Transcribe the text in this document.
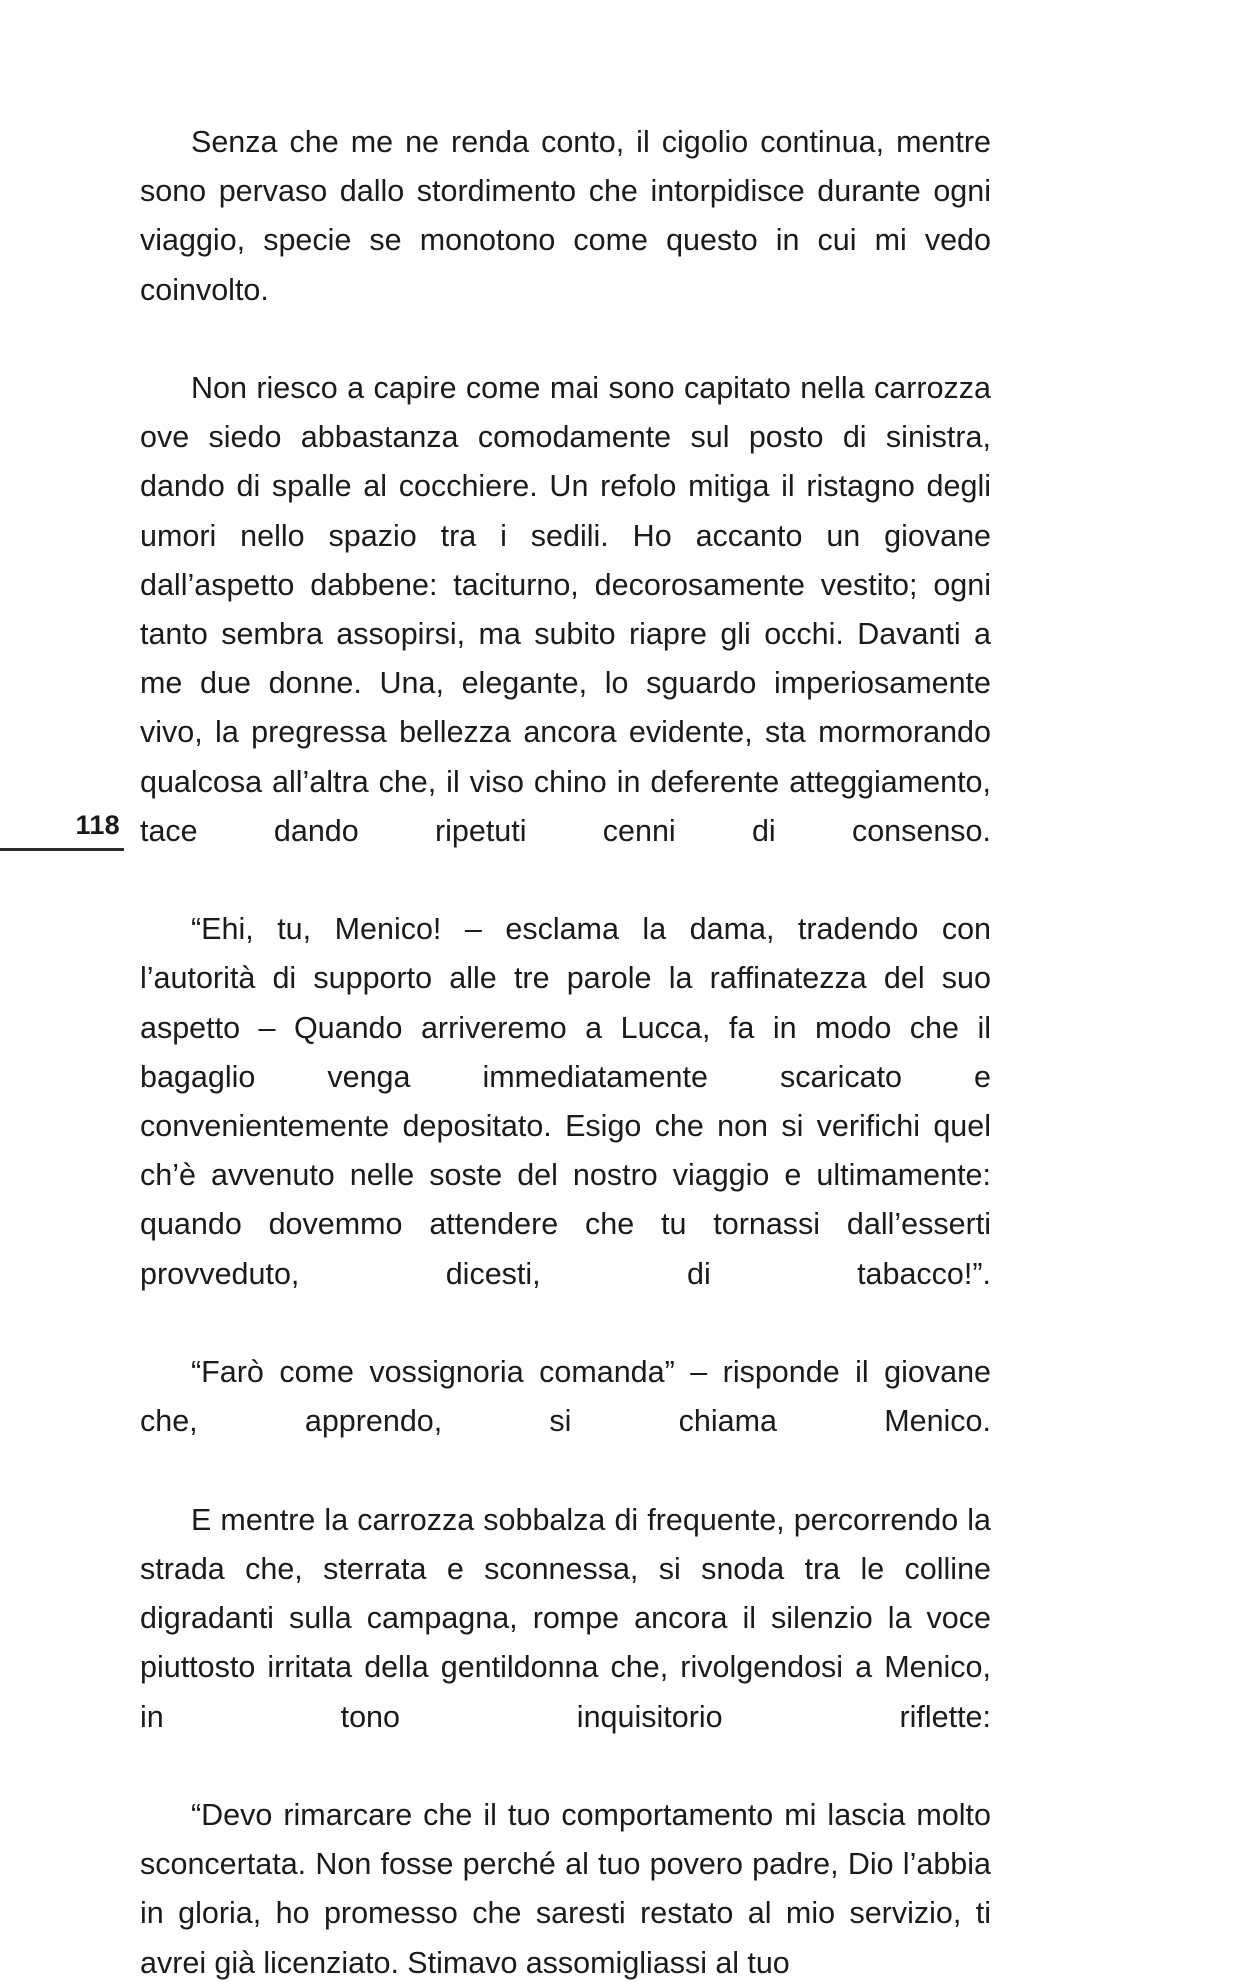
118

Senza che me ne renda conto, il cigolio continua, mentre sono pervaso dallo stordimento che intorpidisce durante ogni viaggio, specie se monotono come questo in cui mi vedo coinvolto.

Non riesco a capire come mai sono capitato nella carrozza ove siedo abbastanza comodamente sul posto di sinistra, dando di spalle al cocchiere. Un refolo mitiga il ristagno degli umori nello spazio tra i sedili. Ho accanto un giovane dall’aspetto dabbene: taciturno, decorosamente vestito; ogni tanto sembra assopirsi, ma subito riapre gli occhi. Davanti a me due donne. Una, elegante, lo sguardo imperiosamente vivo, la pregressa bellezza ancora evidente, sta mormorando qualcosa all’altra che, il viso chino in deferente atteggiamento, tace dando ripetuti cenni di consenso.

“Ehi, tu, Menico! – esclama la dama, tradendo con l’autorità di supporto alle tre parole la raffinatezza del suo aspetto – Quando arriveremo a Lucca, fa in modo che il bagaglio venga immediatamente scaricato e convenientemente depositato. Esigo che non si verifichi quel ch’è avvenuto nelle soste del nostro viaggio e ultimamente: quando dovemmo attendere che tu tornassi dall’esserti provveduto, dicesti, di tabacco!”.

“Farò come vossignoria comanda” – risponde il giovane che, apprendo, si chiama Menico.

E mentre la carrozza sobbalza di frequente, percorrendo la strada che, sterrata e sconnessa, si snoda tra le colline digradanti sulla campagna, rompe ancora il silenzio la voce piuttosto irritata della gentildonna che, rivolgendosi a Menico, in tono inquisitorio riflette:

“Devo rimarcare che il tuo comportamento mi lascia molto sconcertata. Non fosse perché al tuo povero padre, Dio l’abbia in gloria, ho promesso che saresti restato al mio servizio, ti avrei già licenziato. Stimavo assomigliassi al tuo
